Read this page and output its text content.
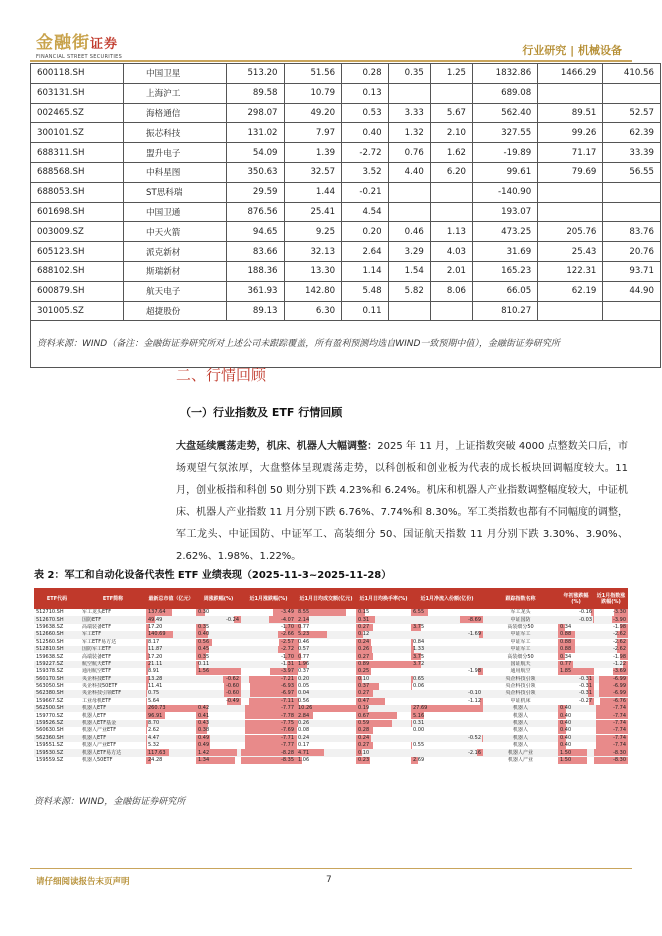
金融街证券
FINANCIAL STREET SECURITIES	行业研究 | 机械设备
600118.SH	中国卫星	513.20	51.56	0.28	0.35	1.25	1832.86	1466.29	410.56
603131.SH	上海沪工	89.58	10.79	0.13			689.08		
002465.SZ	海格通信	298.07	49.20	0.53	3.33	5.67	562.40	89.51	52.57
300101.SZ	振芯科技	131.02	7.97	0.40	1.32	2.10	327.55	99.26	62.39
688311.SH	盟升电子	54.09	1.39	-2.72	0.76	1.62	-19.89	71.17	33.39
688568.SH	中科星图	350.63	32.57	3.52	4.40	6.20	99.61	79.69	56.55
688053.SH	ST思科瑞	29.59	1.44	-0.21			-140.90		
601698.SH	中国卫通	876.56	25.41	4.54			193.07		
003009.SZ	中天火箭	94.65	9.25	0.20	0.46	1.13	473.25	205.76	83.76
605123.SH	派克新材	83.66	32.13	2.64	3.29	4.03	31.69	25.43	20.76
688102.SH	斯瑞新材	188.36	13.30	1.14	1.54	2.01	165.23	122.31	93.71
600879.SH	航天电子	361.93	142.80	5.48	5.82	8.06	66.05	62.19	44.90
301005.SZ	超捷股份	89.13	6.30	0.11			810.27		
资料来源：WIND（备注：金融街证券研究所对上述公司未跟踪覆盖，所有盈利预测均选自WIND一致预期中值），金融街证券研究所									
二、行情回顾
（一）行业指数及 ETF 行情回顾
大盘延续震荡走势，机床、机器人大幅调整：2025 年 11 月，上证指数突破 4000 点整数关口后，市场观望气氛浓厚，大盘整体呈现震荡走势，以科创板和创业板为代表的成长板块回调幅度较大。11 月，创业板指和科创 50 则分别下跌 4.23%和 6.24%。机床和机器人产业指数调整幅度较大，中证机床、机器人产业指数 11 月分别下跌 6.76%、7.74%和 8.30%。军工类指数也都有不同幅度的调整，军工龙头、中证国防、中证军工、高装细分 50、国证航天指数 11 月分别下跌 3.30%、3.90%、2.62%、1.98%、1.22%。
表 2：军工和自动化设备代表性 ETF 业绩表现（2025-11-3~2025-11-28）
ETF代码	ETF简称	最新总市值（亿元）	周涨跌幅(%)	近1月涨跌幅(%)	近1月日均成交额(亿元)	近1月日均换手率(%)	近1月净流入份额(亿份)	跟踪指数名称	年初涨跌幅(%)	近1月指数涨跌幅(%)
512710.SH	军工龙头ETF	137.64	0.30	-3.49	8.55	0.15	6.55	军工龙头	-0.16	-3.30
512670.SH	国防ETF	49.49	-0.24	-4.07	2.14	0.31	-8.69	中证国防	-0.03	-3.90
159638.SZ	高端装备ETF	17.20	0.35	-1.70	0.77	0.27	3.75	高装细分50	0.34	-1.98
512660.SH	军工ETF	140.69	0.40	-2.66	5.23	0.12	-1.69	中证军工	0.88	-2.62
512560.SH	军工ETF易方达	8.17	0.56	-2.57	0.46	0.24	0.84	中证军工	0.88	-2.62
512810.SH	国防军工ETF	11.87	0.45	-2.72	0.57	0.26	1.33	中证军工	0.88	-2.62
159638.SZ	高端装备ETF	17.20	0.35	-1.70	0.77	0.27	3.75	高装细分50	0.34	-1.98
159227.SZ	航空航天ETF	21.11	0.11	-1.31	1.96	0.89	3.72	国证航天	0.77	-1.22
159378.SZ	通用航空ETF	8.91	1.56	-3.97	0.37	0.25	-1.98	通用航空	1.85	-3.69
560170.SH	央企科技ETF	13.28	-0.62	-7.21	0.20	0.10	0.65	央企科技引领	-0.31	-6.99
563050.SH	央企科技50ETF	11.41	-0.60	-6.93	0.05	0.37	0.06	央企科技引领	-0.31	-6.99
562380.SH	央企科技引领ETF	0.75	-0.60	-6.97	0.04	0.27	-0.10	央企科技引领	-0.31	-6.99
159667.SZ	工业母机ETF	5.64	-0.49	-7.11	0.56	0.47	-1.12	中证机床	-0.27	-6.76
562500.SH	机器人ETF	260.73	0.42	-7.77	10.26	0.19	27.69	机器人	0.40	-7.74
159770.SZ	机器人ETF	96.91	0.41	-7.78	2.84	0.67	5.16	机器人	0.40	-7.74
159526.SZ	机器人ETF基金	8.70	0.43	-7.75	0.26	0.59	0.31	机器人	0.40	-7.74
560630.SH	机器人产业ETF	2.62	0.38	-7.69	0.08	0.28	0.00	机器人	0.40	-7.74
562360.SH	机器人ETF	4.47	0.49	-7.71	0.24	0.24	-0.52	机器人	0.40	-7.74
159551.SZ	机器人产业ETF	5.32	0.49	-7.77	0.17	0.27	0.55	机器人	0.40	-7.74
159530.SZ	机器人ETF易方达	117.63	1.42	-8.28	4.71	0.10	-2.16	机器人产业	1.50	-8.30
159559.SZ	机器人50ETF	24.28	1.34	-8.35	1.06	0.23	2.69	机器人产业	1.50	-8.30
资料来源：WIND，金融街证券研究所
请仔细阅读报告末页声明	7
